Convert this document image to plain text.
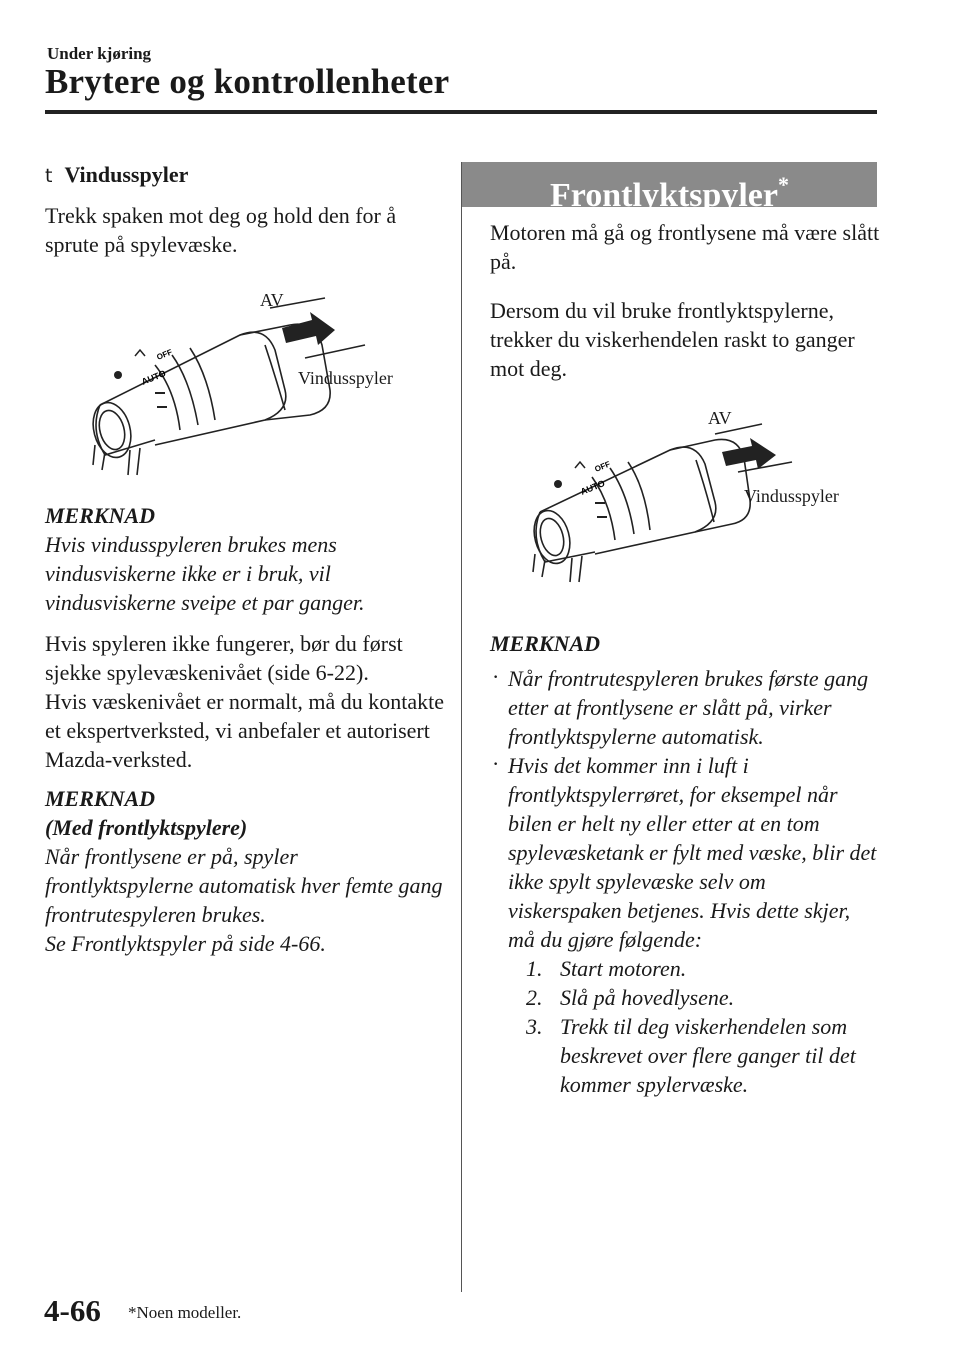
Under kjøring
Brytere og kontrollenheter
t Vindusspyler

Trekk spaken mot deg og hold den for å sprute på spylevæske.

MERKNAD

Hvis vindusspyleren brukes mens vindusviskerne ikke er i bruk, vil vindusviskerne sveipe et par ganger.

Hvis spyleren ikke fungerer, bør du først sjekke spylevæskenivået (side 6-22).

Hvis væskenivået er normalt, må du kontakte et ekspertverksted, vi anbefaler et autorisert Mazda-verksted.

MERKNAD

(Med frontlyktspylere)

Når frontlysene er på, spyler frontlyktspylerne automatisk hver femte gang frontrutespyleren brukes.

Se Frontlyktspyler på side 4-66.

AUTO
OFF
AV
Vindusspyler
Frontlyktspyler*

Motoren må gå og frontlysene må være slått på.

Dersom du vil bruke frontlyktspylerne, trekker du viskerhendelen raskt to ganger mot deg.

MERKNAD

· Når frontrutespyleren brukes første gang etter at frontlysene er slått på, virker frontlyktspylerne automatisk.
· Hvis det kommer inn i luft i frontlyktspylerrøret, for eksempel når bilen er helt ny eller etter at en tom spylevæsketank er fylt med væske, blir det ikke spylt spylevæske selv om viskerspaken betjenes. Hvis dette skjer, må du gjøre følgende:
1. Start motoren.
2. Slå på hovedlysene.
3. Trekk til deg viskerhendelen som beskrevet over flere ganger til det kommer spylervæske.
AUTO
OFF
AV
Vindusspyler
4-66 *Noen modeller.
